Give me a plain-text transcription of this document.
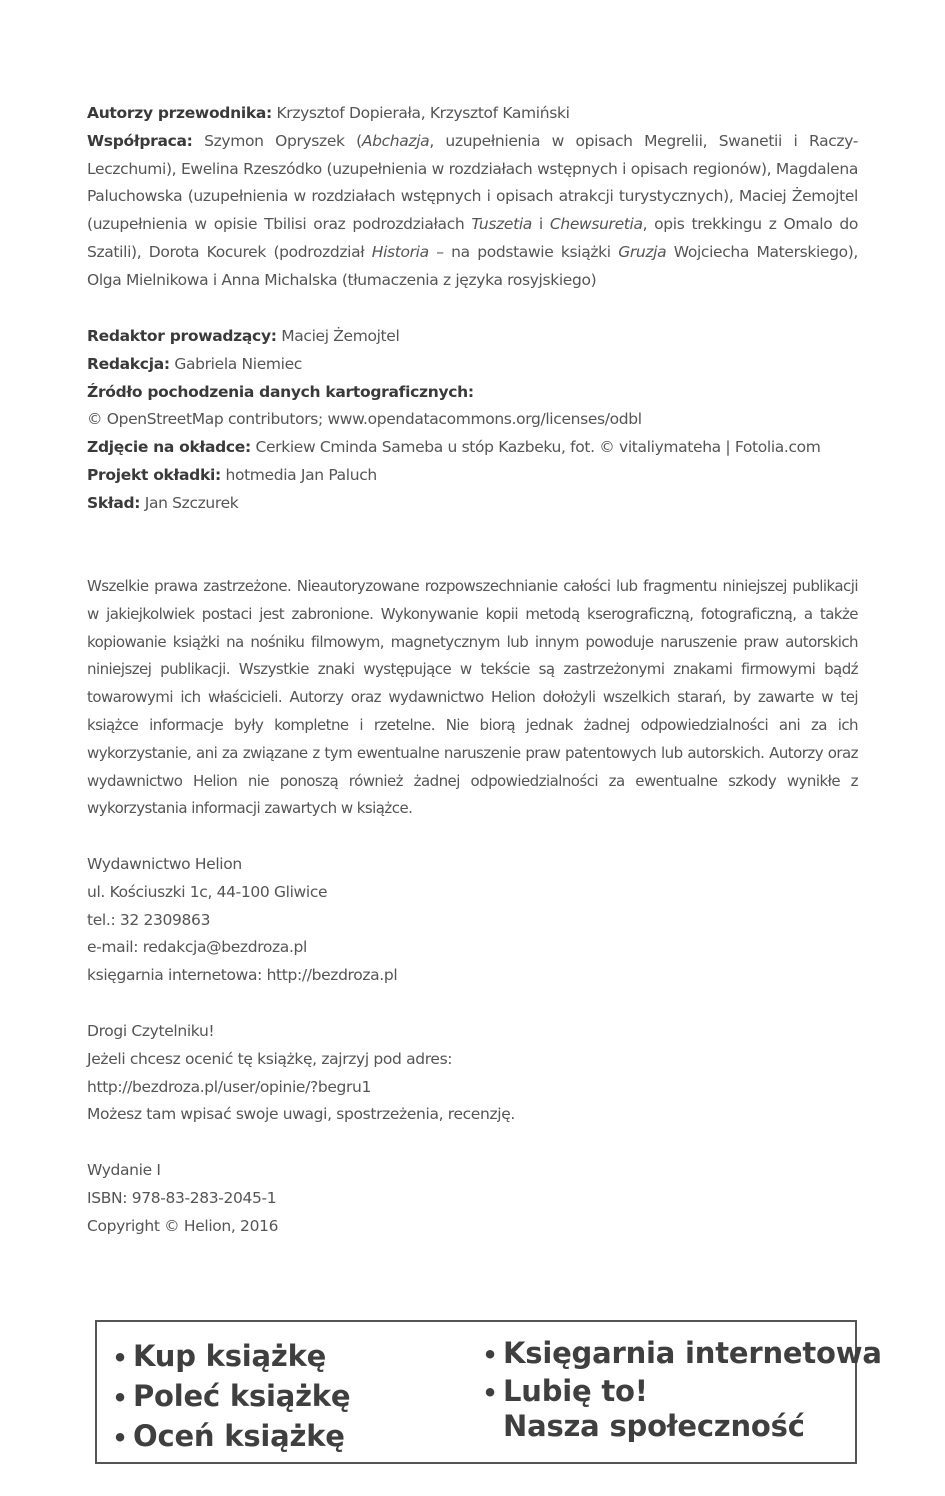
Autorzy przewodnika: Krzysztof Dopierała, Krzysztof Kamiński
Współpraca: Szymon Opryszek (Abchazja, uzupełnienia w opisach Megrelii, Swanetii i Raczy-Leczchumi), Ewelina Rzeszódko (uzupełnienia w rozdziałach wstępnych i opisach regionów), Magdalena Paluchowska (uzupełnienia w rozdziałach wstępnych i opisach atrakcji turystycznych), Maciej Żemojtel (uzupełnienia w opisie Tbilisi oraz podrozdziałach Tuszetia i Chewsuretia, opis trekkingu z Omalo do Szatili), Dorota Kocurek (podrozdział Historia – na podstawie książki Gruzja Wojciecha Materskiego), Olga Mielnikowa i Anna Michalska (tłumaczenia z języka rosyjskiego)
Redaktor prowadzący: Maciej Żemojtel
Redakcja: Gabriela Niemiec
Źródło pochodzenia danych kartograficznych:
© OpenStreetMap contributors; www.opendatacommons.org/licenses/odbl
Zdjęcie na okładce: Cerkiew Cminda Sameba u stóp Kazbeku, fot. © vitaliymateha | Fotolia.com
Projekt okładki: hotmedia Jan Paluch
Skład: Jan Szczurek
Wszelkie prawa zastrzeżone. Nieautoryzowane rozpowszechnianie całości lub fragmentu niniejszej publikacji w jakiejkolwiek postaci jest zabronione. Wykonywanie kopii metodą kserograficzną, fotograficzną, a także kopiowanie książki na nośniku filmowym, magnetycznym lub innym powoduje naruszenie praw autorskich niniejszej publikacji. Wszystkie znaki występujące w tekście są zastrzeżonymi znakami firmowymi bądź towarowymi ich właścicieli. Autorzy oraz wydawnictwo Helion dołożyli wszelkich starań, by zawarte w tej książce informacje były kompletne i rzetelne. Nie biorą jednak żadnej odpowiedzialności ani za ich wykorzystanie, ani za związane z tym ewentualne naruszenie praw patentowych lub autorskich. Autorzy oraz wydawnictwo Helion nie ponoszą również żadnej odpowiedzialności za ewentualne szkody wynikłe z wykorzystania informacji zawartych w książce.
Wydawnictwo Helion
ul. Kościuszki 1c, 44-100 Gliwice
tel.: 32 2309863
e-mail: redakcja@bezdroza.pl
księgarnia internetowa: http://bezdroza.pl
Drogi Czytelniku!
Jeżeli chcesz ocenić tę książkę, zajrzyj pod adres:
http://bezdroza.pl/user/opinie/?begru1
Możesz tam wpisać swoje uwagi, spostrzeżenia, recenzję.
Wydanie I
ISBN: 978-83-283-2045-1
Copyright © Helion, 2016
• Kup książkę
• Poleć książkę
• Oceń książkę
• Księgarnia internetowa
• Lubię to!
Nasza społeczność
